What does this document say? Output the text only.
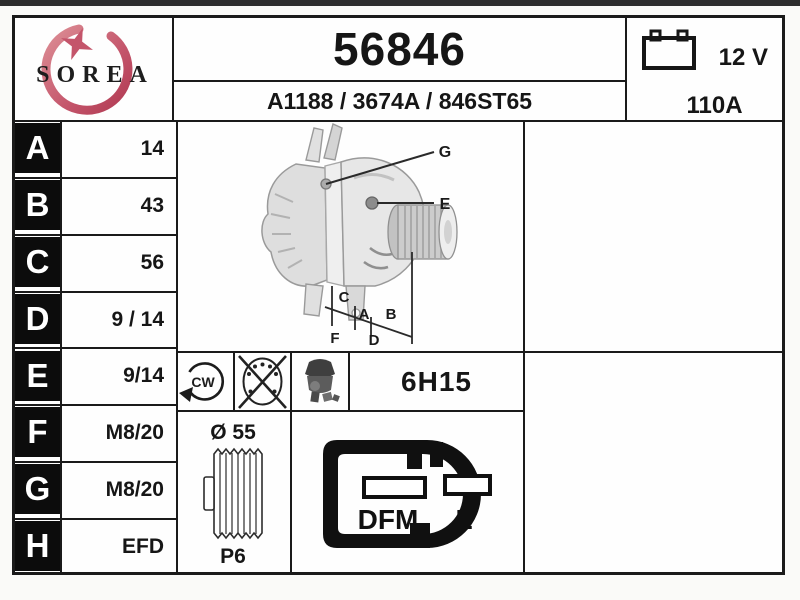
SOREA	56846
A1188 / 3674A / 846ST65
12 V
110A
A
B
C
D
E
F
G
H
14
43
56
9 / 14
9/14
M8/20
M8/20
EFD
G
E
C
A B
F D
CW	6H15
Ø 55
P6
DFM L
